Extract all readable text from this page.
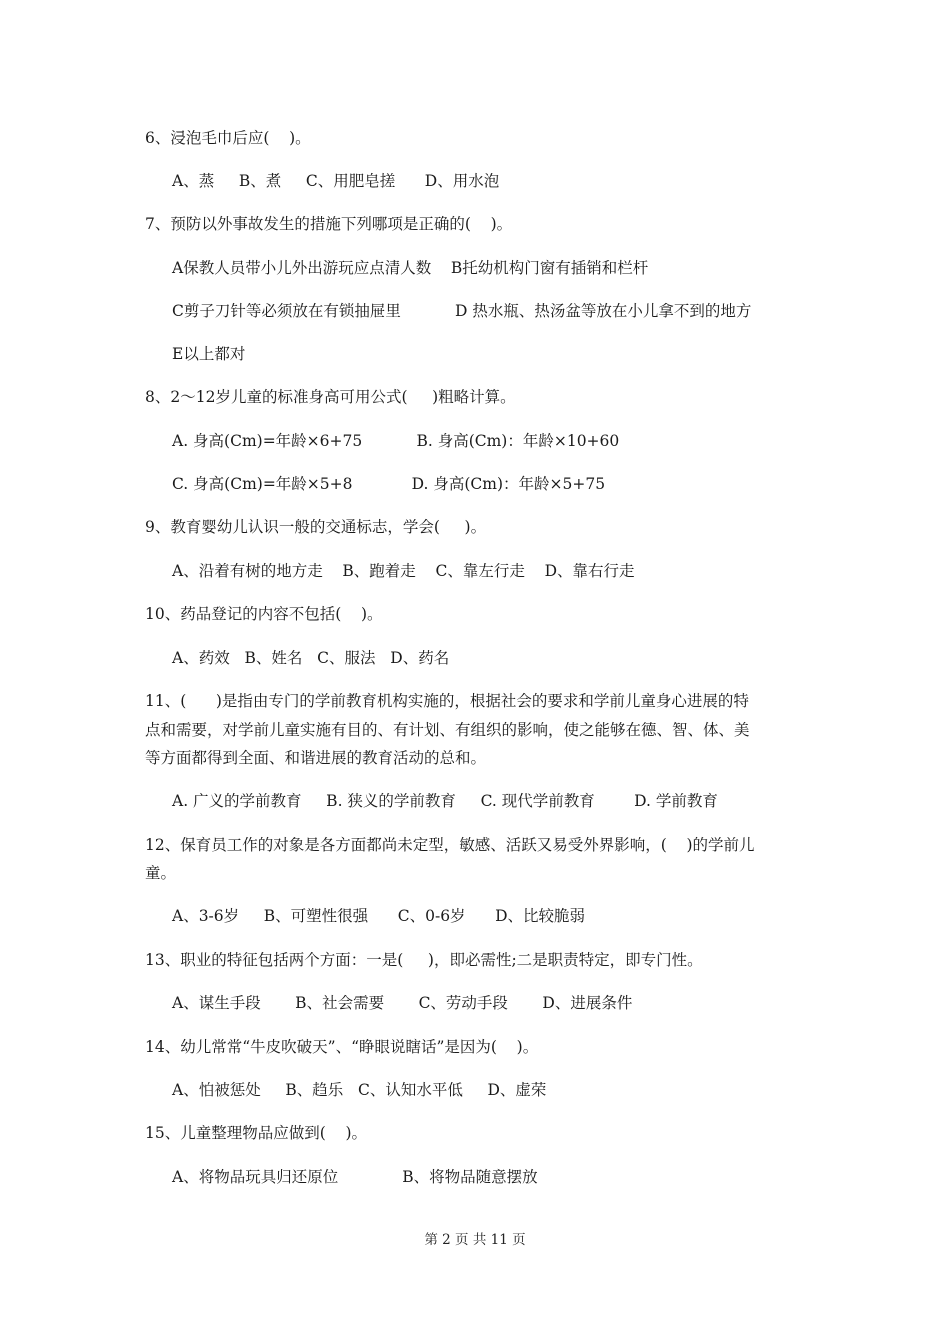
6、浸泡毛巾后应(    )。
A、蒸     B、煮     C、用肥皂搓      D、用水泡
7、预防以外事故发生的措施下列哪项是正确的(    )。
A保教人员带小儿外出游玩应点清人数    B托幼机构门窗有插销和栏杆
C剪子刀针等必须放在有锁抽屉里           D 热水瓶、热汤盆等放在小儿拿不到的地方
E以上都对
8、2～12岁儿童的标准身高可用公式(     )粗略计算。
A. 身高(Cm)=年龄×6+75           B. 身高(Cm)：年龄×10+60
C. 身高(Cm)=年龄×5+8            D. 身高(Cm)：年龄×5+75
9、教育婴幼儿认识一般的交通标志，学会(     )。
A、沿着有树的地方走    B、跑着走    C、靠左行走    D、靠右行走
10、药品登记的内容不包括(    )。
A、药效   B、姓名   C、服法   D、药名
11、(      )是指由专门的学前教育机构实施的，根据社会的要求和学前儿童身心进展的特
点和需要，对学前儿童实施有目的、有计划、有组织的影响，使之能够在德、智、体、美
等方面都得到全面、和谐进展的教育活动的总和。
A. 广义的学前教育     B. 狭义的学前教育     C. 现代学前教育        D. 学前教育
12、保育员工作的对象是各方面都尚未定型，敏感、活跃又易受外界影响，(    )的学前儿
童。
A、3-6岁     B、可塑性很强      C、0-6岁      D、比较脆弱
13、职业的特征包括两个方面：一是(     )，即必需性;二是职责特定，即专门性。
A、谋生手段       B、社会需要       C、劳动手段       D、进展条件
14、幼儿常常“牛皮吹破天”、“睁眼说瞎话”是因为(    )。
A、怕被惩处     B、趋乐   C、认知水平低     D、虚荣
15、儿童整理物品应做到(    )。
A、将物品玩具归还原位             B、将物品随意摆放
第 2 页 共 11 页
